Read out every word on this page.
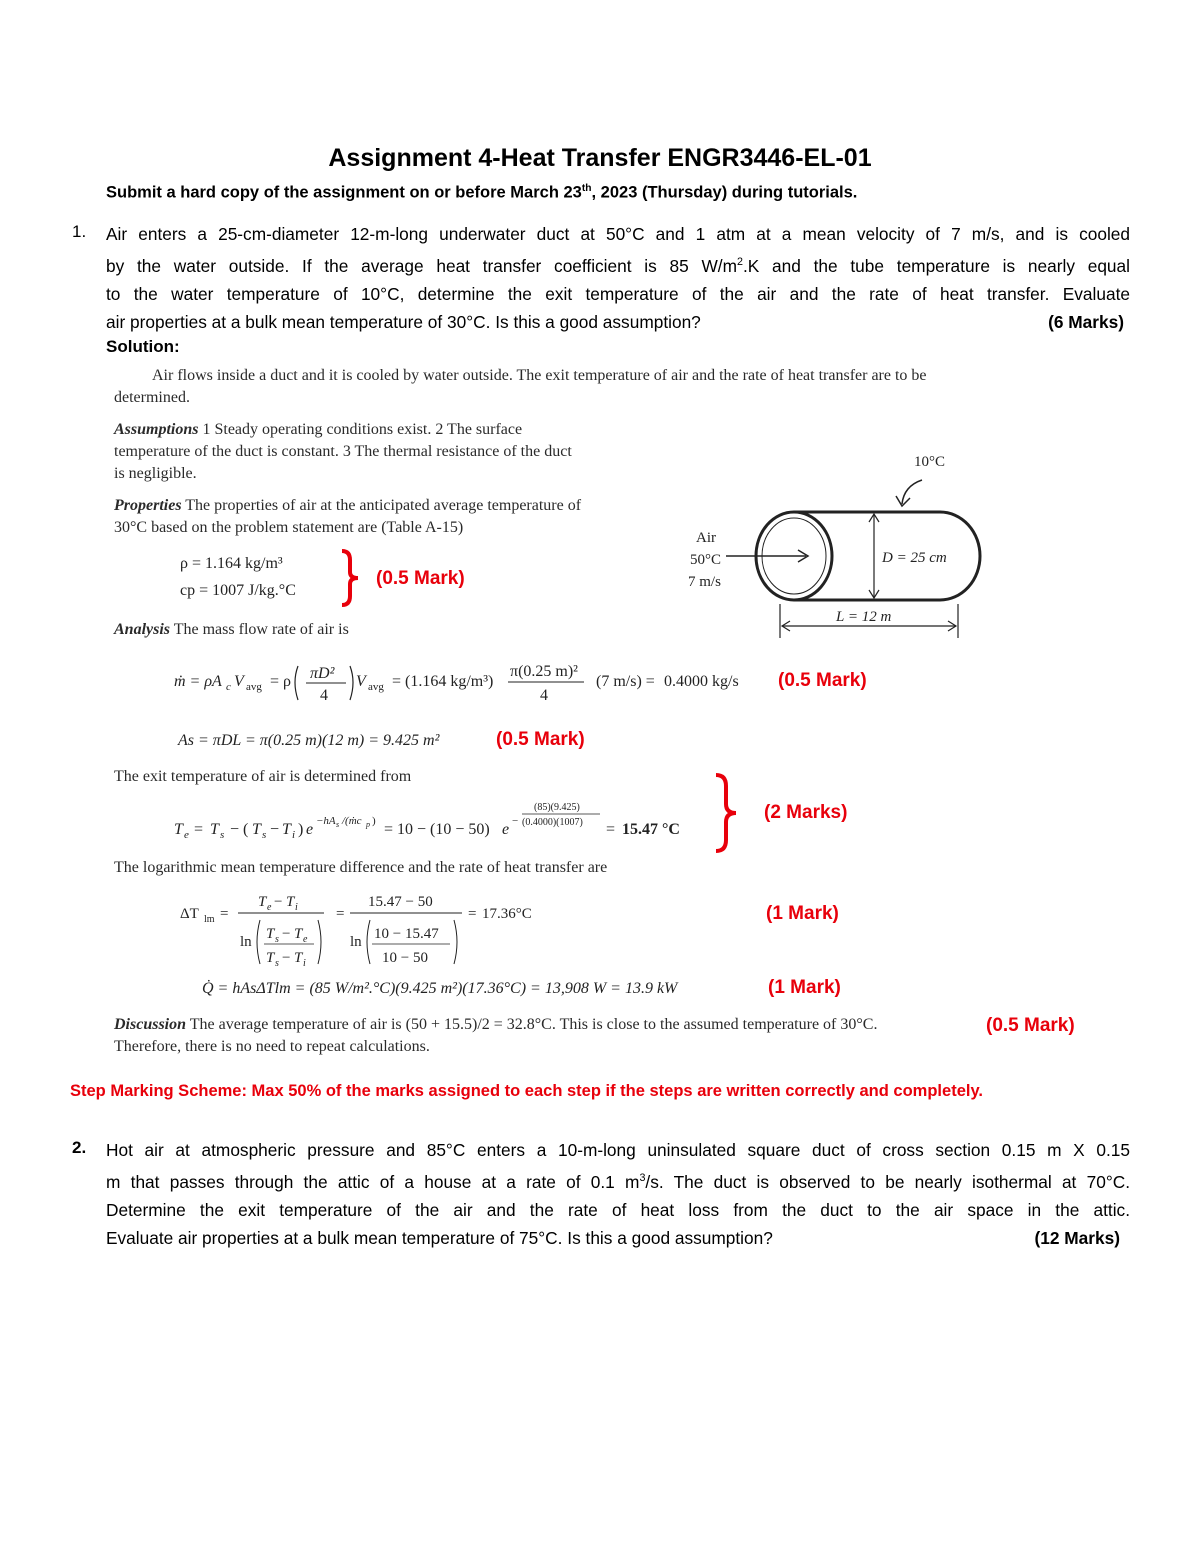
Assignment 4-Heat Transfer ENGR3446-EL-01
Submit a hard copy of the assignment on or before March 23th, 2023 (Thursday) during tutorials.
1. Air enters a 25-cm-diameter 12-m-long underwater duct at 50°C and 1 atm at a mean velocity of 7 m/s, and is cooled
by the water outside. If the average heat transfer coefficient is 85 $W/m^2.K$ and the tube temperature is nearly equal
to the water temperature of 10°C, determine the exit temperature of the air and the rate of heat transfer. Evaluate
air properties at a bulk mean temperature of 30°C. Is this a good assumption?	(6 Marks)
Solution:
Air flows inside a duct and it is cooled by water outside. The exit temperature of air and the rate of heat transfer are to be
determined.
Assumptions 1 Steady operating conditions exist. 2 The surface
temperature of the duct is constant. 3 The thermal resistance of the duct
is negligible.
Properties The properties of air at the anticipated average temperature of
30°C based on the problem statement are (Table A-15)
ρ = 1.164 kg/m³
cp = 1007 J/kg.°C
(0.5 Mark)
Analysis The mass flow rate of air is
ṁ = ρA c V avg = ρ πD²
4
V avg = (1.164 kg/m³)
π(0.25 m)²
4
(7 m/s) = 0.4000 kg/s (0.5 Mark)
As = πDL = π(0.25 m)(12 m) = 9.425 m²	(0.5 Mark)
The exit temperature of air is determined from
T e = T s − ( T s − T i ) e −hA s /(ṁc p ) = 10 − (10 − 50) e −
(85)(9.425)
(0.4000)(1007) = 15.47 °C
(2 Marks)
The logarithmic mean temperature difference and the rate of heat transfer are
ΔT lm =
T e − T i
ln T s − T e
T s − T i
=
15.47 − 50
ln 10 − 15.47
10 − 50
= 17.36°C	(1 Mark)
Q̇ = hAsΔTlm = (85 W/m².°C)(9.425 m²)(17.36°C) = 13,908 W = 13.9 kW	(1 Mark)
Discussion The average temperature of air is (50 + 15.5)/2 = 32.8°C. This is close to the assumed temperature of 30°C.
Therefore, there is no need to repeat calculations.
(0.5 Mark)
10°C
D = 25 cm
Air
50°C
7 m/s
L = 12 m
Step Marking Scheme: Max 50% of the marks assigned to each step if the steps are written correctly and completely.
2. Hot air at atmospheric pressure and 85°C enters a 10-m-long uninsulated square duct of cross section 0.15 m X 0.15
m that passes through the attic of a house at a rate of 0.1 $m^3/s$. The duct is observed to be nearly isothermal at 70°C.
Determine the exit temperature of the air and the rate of heat loss from the duct to the air space in the attic.
Evaluate air properties at a bulk mean temperature of 75°C. Is this a good assumption?	(12 Marks)
